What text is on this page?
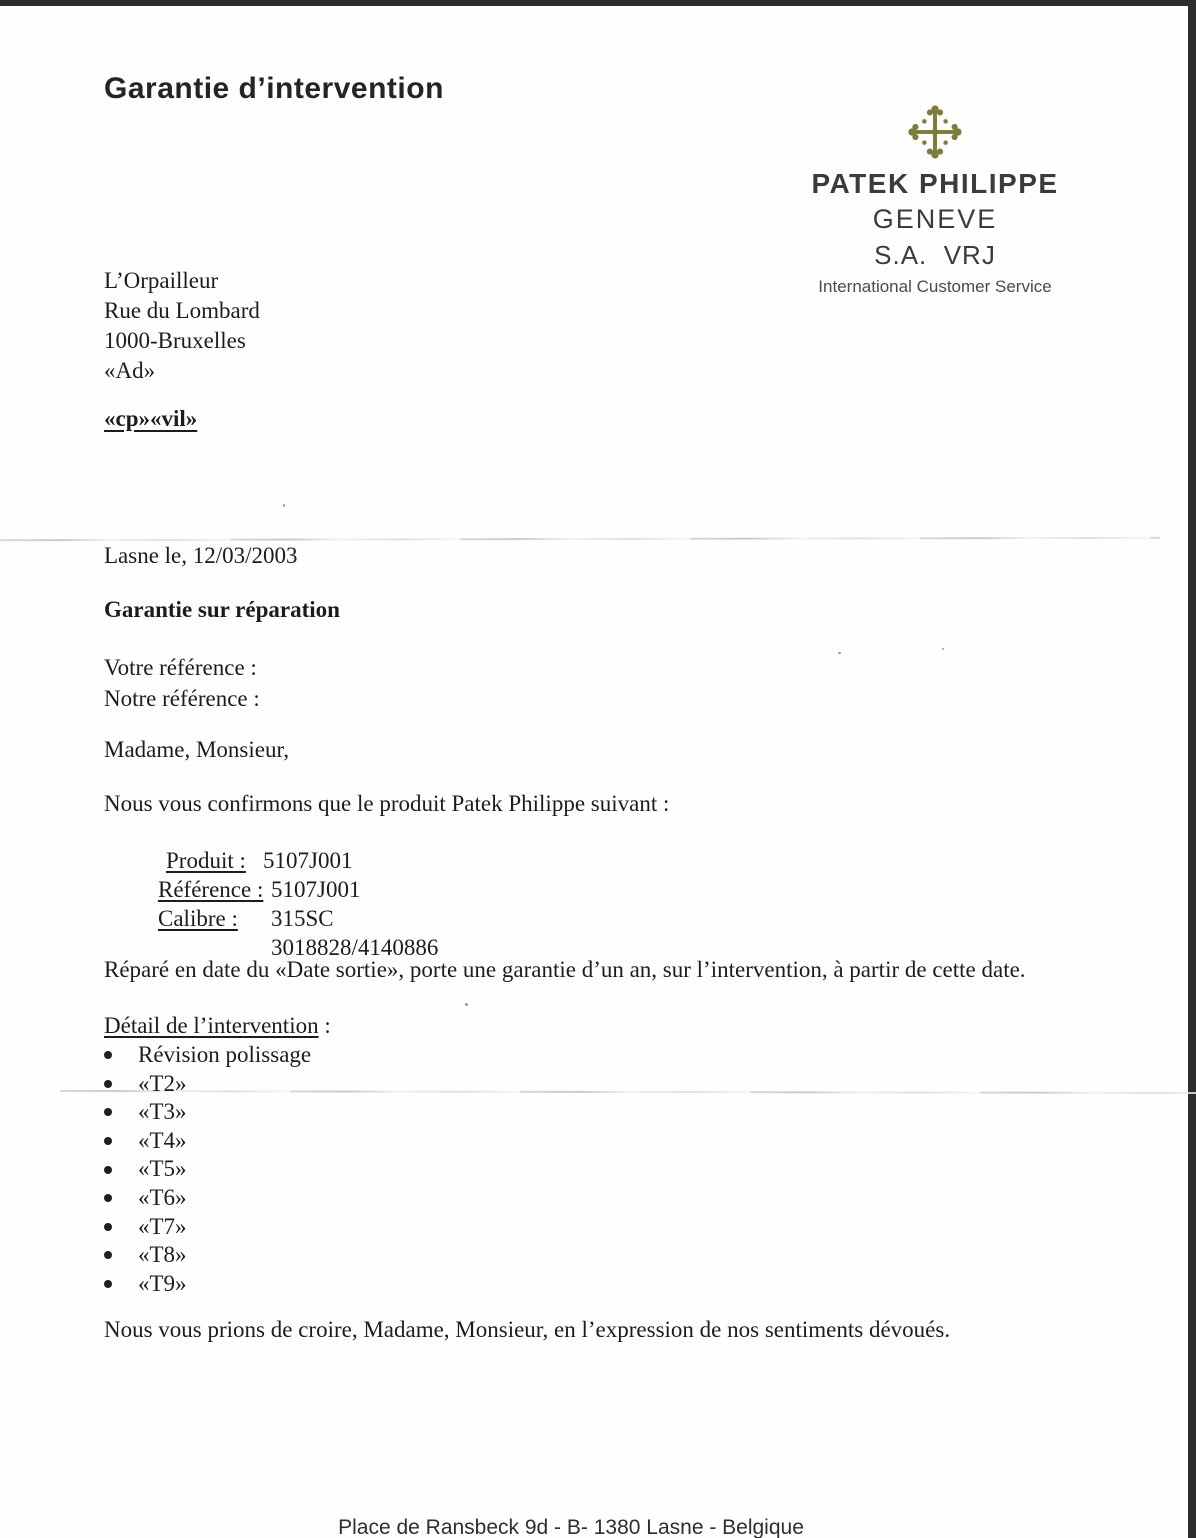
Garantie d’intervention
PATEK PHILIPPE
GENEVE
S.A.  VRJ
International Customer Service
L’Orpailleur
Rue du Lombard
1000-Bruxelles
«Ad»
«cp»«vil»
Lasne le, 12/03/2003
Garantie sur réparation
Votre référence :
Notre référence :
Madame, Monsieur,
Nous vous confirmons que le produit Patek Philippe suivant :
Produit : 5107J001
Référence : 5107J001
Calibre :	315SC 3018828/4140886
Réparé en date du «Date sortie», porte une garantie d’un an, sur l’intervention, à partir de cette date.
Détail de l’intervention :
Révision polissage
«T2»
«T3»
«T4»
«T5»
«T6»
«T7»
«T8»
«T9»
Nous vous prions de croire, Madame, Monsieur, en l’expression de nos sentiments dévoués.
Place de Ransbeck 9d - B- 1380 Lasne - Belgique
